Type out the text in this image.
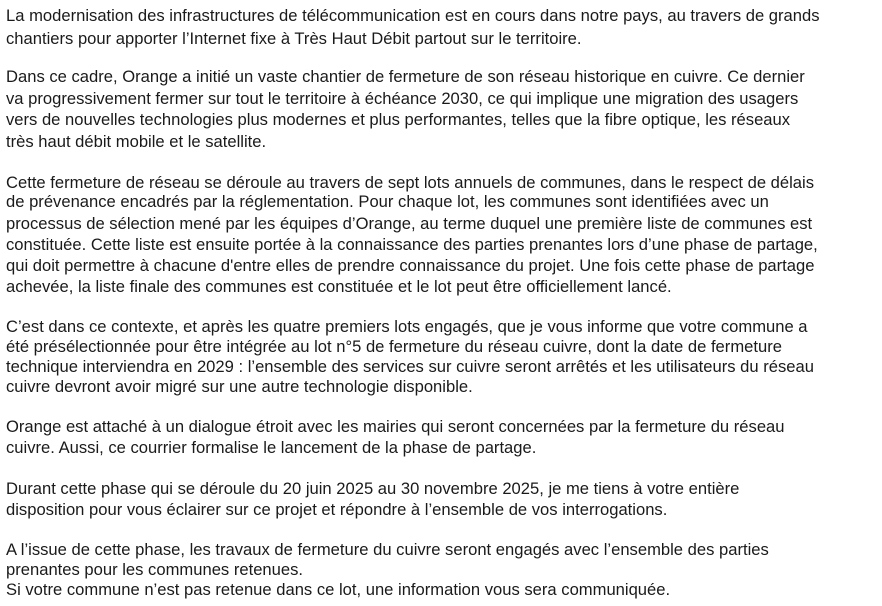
La modernisation des infrastructures de télécommunication est en cours dans notre pays, au travers de grands

chantiers pour apporter l’Internet fixe à Très Haut Débit partout sur le territoire.

Dans ce cadre, Orange a initié un vaste chantier de fermeture de son réseau historique en cuivre. Ce dernier

va progressivement fermer sur tout le territoire à échéance 2030, ce qui implique une migration des usagers

vers de nouvelles technologies plus modernes et plus performantes, telles que la fibre optique, les réseaux

très haut débit mobile et le satellite.

Cette fermeture de réseau se déroule au travers de sept lots annuels de communes, dans le respect de délais

de prévenance encadrés par la réglementation. Pour chaque lot, les communes sont identifiées avec un

processus de sélection mené par les équipes d’Orange, au terme duquel une première liste de communes est

constituée. Cette liste est ensuite portée à la connaissance des parties prenantes lors d’une phase de partage,

qui doit permettre à chacune d'entre elles de prendre connaissance du projet. Une fois cette phase de partage

achevée, la liste finale des communes est constituée et le lot peut être officiellement lancé.

C’est dans ce contexte, et après les quatre premiers lots engagés, que je vous informe que votre commune a

été présélectionnée pour être intégrée au lot n°5 de fermeture du réseau cuivre, dont la date de fermeture

technique interviendra en 2029 : l’ensemble des services sur cuivre seront arrêtés et les utilisateurs du réseau

cuivre devront avoir migré sur une autre technologie disponible.

Orange est attaché à un dialogue étroit avec les mairies qui seront concernées par la fermeture du réseau

cuivre. Aussi, ce courrier formalise le lancement de la phase de partage.

Durant cette phase qui se déroule du 20 juin 2025 au 30 novembre 2025, je me tiens à votre entière

disposition pour vous éclairer sur ce projet et répondre à l’ensemble de vos interrogations.

A l’issue de cette phase, les travaux de fermeture du cuivre seront engagés avec l’ensemble des parties

prenantes pour les communes retenues.

Si votre commune n’est pas retenue dans ce lot, une information vous sera communiquée.
